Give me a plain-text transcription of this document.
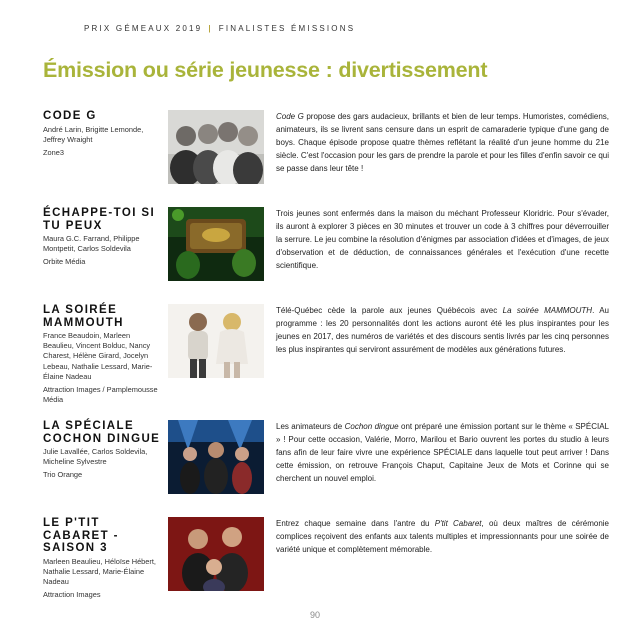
PRIX GÉMEAUX 2019 | FINALISTES ÉMISSIONS
Émission ou série jeunesse : divertissement
CODE G
André Larin, Brigitte Lemonde, Jeffrey Wraight
Zone3

Code G propose des gars audacieux, brillants et bien de leur temps. Humoristes, comédiens, animateurs, ils se livrent sans censure dans un esprit de camaraderie typique d'une gang de boys. Chaque épisode propose quatre thèmes reflétant la réalité d'un jeune homme du 21e siècle. C'est l'occasion pour les gars de prendre la parole et pour les filles d'enfin savoir ce qui se passe dans leur tête !

ÉCHAPPE-TOI SI TU PEUX
Maura G.C. Farrand, Philippe Montpetit, Carlos Soldevila
Orbite Média

Trois jeunes sont enfermés dans la maison du méchant Professeur Kloridric. Pour s'évader, ils auront à explorer 3 pièces en 30 minutes et trouver un code à 3 chiffres pour déverrouiller la serrure. Le jeu combine la résolution d'énigmes par association d'idées et d'images, de jeux d'observation et de déduction, de connaissances générales et l'exécution d'une recette scientifique.

LA SOIRÉE MAMMOUTH
France Beaudoin, Marleen Beaulieu, Vincent Bolduc, Nancy Charest, Hélène Girard, Jocelyn Lebeau, Nathalie Lessard, Marie-Élaine Nadeau
Attraction Images / Pamplemousse Média

Télé-Québec cède la parole aux jeunes Québécois avec La soirée MAMMOUTH. Au programme : les 20 personnalités dont les actions auront été les plus inspirantes pour les jeunes en 2017, des numéros de variétés et des discours sentis livrés par les cinq personnes les plus inspirantes qui serviront assurément de modèles aux générations futures.

LA SPÉCIALE COCHON DINGUE
Julie Lavallée, Carlos Soldevila, Micheline Sylvestre
Trio Orange

Les animateurs de Cochon dingue ont préparé une émission portant sur le thème « SPÉCIAL » ! Pour cette occasion, Valérie, Morro, Marilou et Bario ouvrent les portes du studio à leurs fans afin de leur faire vivre une expérience SPÉCIALE dans laquelle tout peut arriver ! Dans cette émission, on retrouve François Chaput, Capitaine Jeux de Mots et Corinne qui se cherchent un nouvel emploi.

LE P'TIT CABARET - SAISON 3
Marleen Beaulieu, Héloïse Hébert, Nathalie Lessard, Marie-Élaine Nadeau
Attraction Images

Entrez chaque semaine dans l'antre du P'tit Cabaret, où deux maîtres de cérémonie complices reçoivent des enfants aux talents multiples et impressionnants pour une soirée de variété unique et complètement mémorable.

90
